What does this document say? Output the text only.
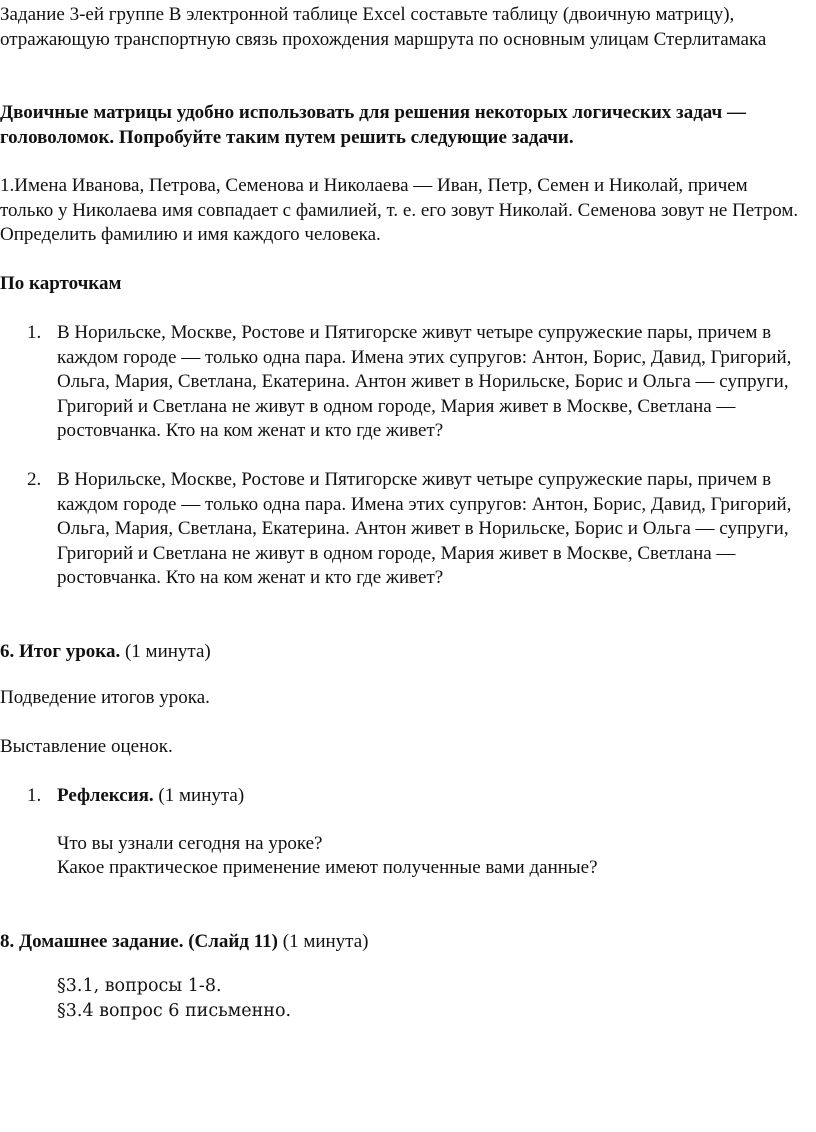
Задание 3-ей группе В электронной таблице Excel составьте таблицу (двоичную матрицу), отражающую транспортную связь прохождения маршрута по основным улицам Стерлитамака

Двоичные матрицы удобно использовать для решения некоторых логических задач — головоломок. Попробуйте таким путем решить следующие задачи.

1.Имена Иванова, Петрова, Семенова и Николаева — Иван, Петр, Семен и Николай, причем только у Николаева имя совпадает с фамилией, т. е. его зовут Николай. Семенова зовут не Петром. Определить фамилию и имя каждого человека.

По карточкам

1. В Норильске, Москве, Ростове и Пятигорске живут четыре супружеские пары, причем в каждом городе — только одна пара. Имена этих супругов: Антон, Борис, Давид, Григорий, Ольга, Мария, Светлана, Екатерина. Антон живет в Норильске, Борис и Ольга — супруги, Григорий и Светлана не живут в одном городе, Мария живет в Москве, Светлана — ростовчанка. Кто на ком женат и кто где живет?

2. В Норильске, Москве, Ростове и Пятигорске живут четыре супружеские пары, причем в каждом городе — только одна пара. Имена этих супругов: Антон, Борис, Давид, Григорий, Ольга, Мария, Светлана, Екатерина. Антон живет в Норильске, Борис и Ольга — супруги, Григорий и Светлана не живут в одном городе, Мария живет в Москве, Светлана — ростовчанка. Кто на ком женат и кто где живет?

6. Итог урока. (1 минута)

Подведение итогов урока.

Выставление оценок.

1. Рефлексия. (1 минута)

Что вы узнали сегодня на уроке?

Какое практическое применение имеют полученные вами данные?

8. Домашнее задание. (Слайд 11) (1 минута)

§3.1, вопросы 1-8.

§3.4 вопрос 6 письменно.
